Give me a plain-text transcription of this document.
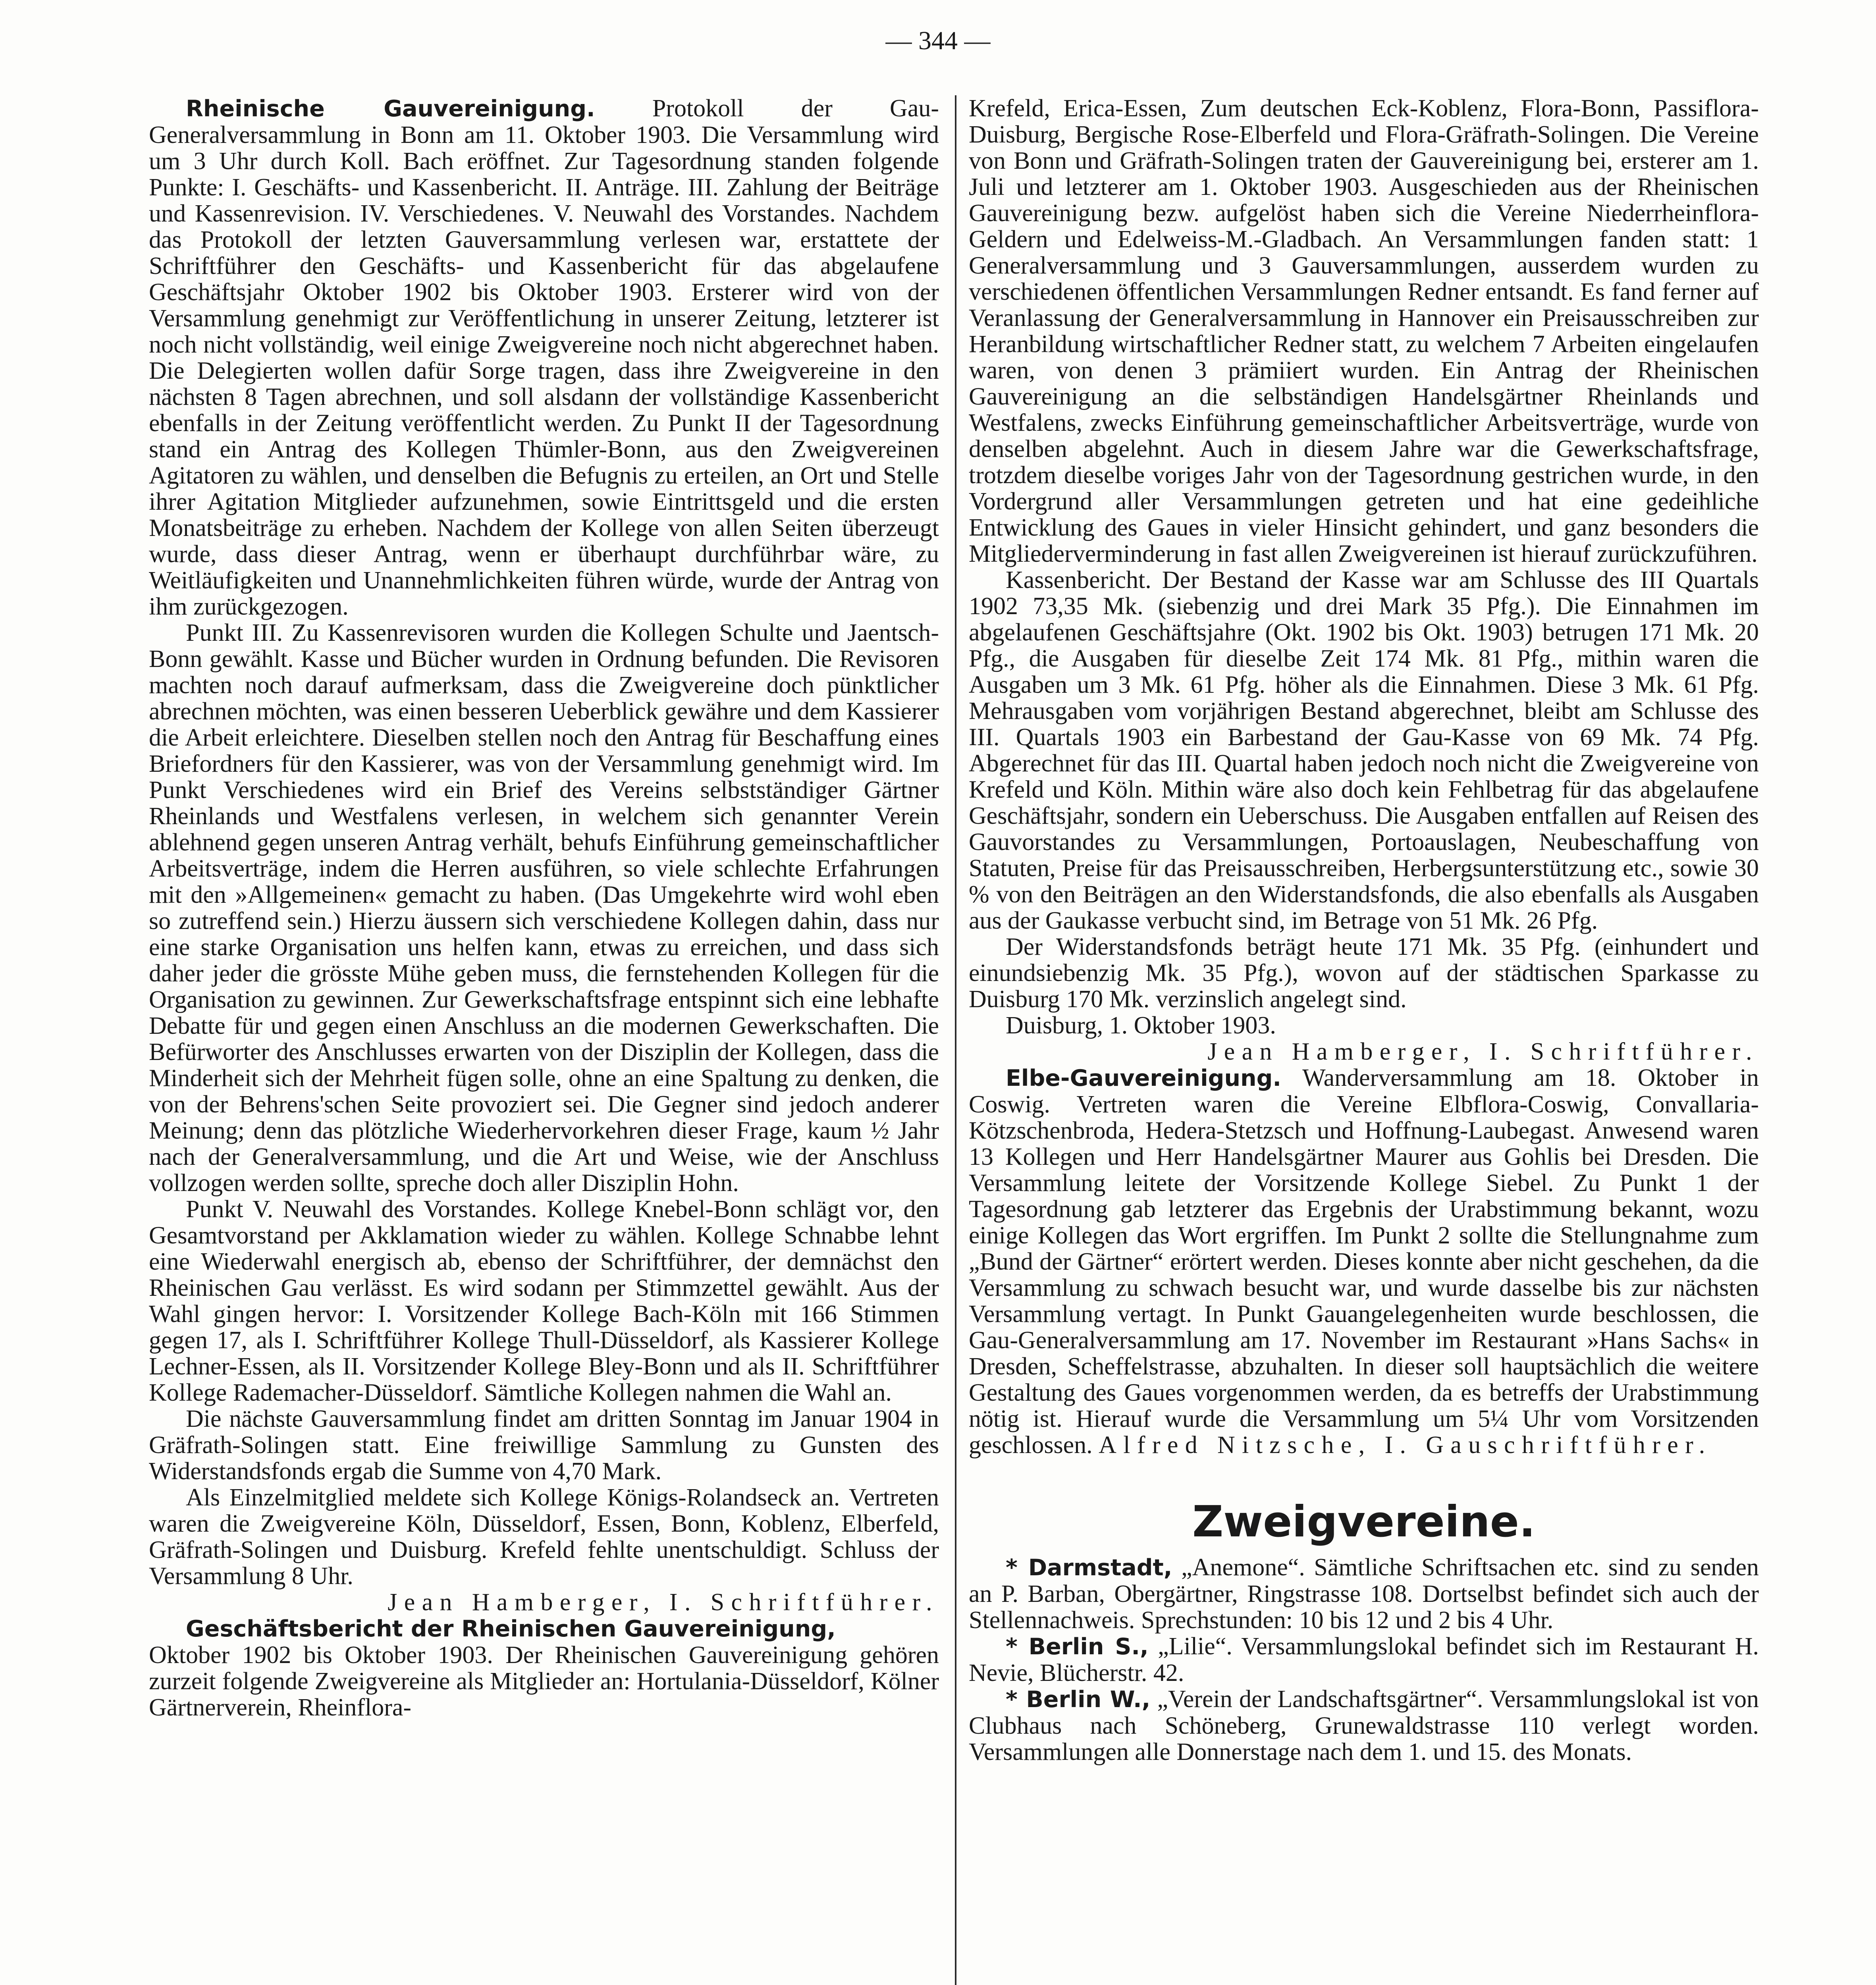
— 344 —

Rheinische Gauvereinigung. Protokoll der Gau-Generalversammlung in Bonn am 11. Oktober 1903. Die Versammlung wird um 3 Uhr durch Koll. Bach eröffnet. Zur Tagesordnung standen folgende Punkte: I. Geschäfts- und Kassenbericht. II. Anträge. III. Zahlung der Beiträge und Kassenrevision. IV. Verschiedenes. V. Neuwahl des Vorstandes. Nachdem das Protokoll der letzten Gauversammlung verlesen war, erstattete der Schriftführer den Geschäfts- und Kassenbericht für das abgelaufene Geschäftsjahr Oktober 1902 bis Oktober 1903. Ersterer wird von der Versammlung genehmigt zur Veröffentlichung in unserer Zeitung, letzterer ist noch nicht vollständig, weil einige Zweigvereine noch nicht abgerechnet haben. Die Delegierten wollen dafür Sorge tragen, dass ihre Zweigvereine in den nächsten 8 Tagen abrechnen, und soll alsdann der vollständige Kassenbericht ebenfalls in der Zeitung veröffentlicht werden. Zu Punkt II der Tagesordnung stand ein Antrag des Kollegen Thümler-Bonn, aus den Zweigvereinen Agitatoren zu wählen, und denselben die Befugnis zu erteilen, an Ort und Stelle ihrer Agitation Mitglieder aufzunehmen, sowie Eintrittsgeld und die ersten Monatsbeiträge zu erheben. Nachdem der Kollege von allen Seiten überzeugt wurde, dass dieser Antrag, wenn er überhaupt durchführbar wäre, zu Weitläufigkeiten und Unannehmlichkeiten führen würde, wurde der Antrag von ihm zurückgezogen.

Punkt III. Zu Kassenrevisoren wurden die Kollegen Schulte und Jaentsch-Bonn gewählt. Kasse und Bücher wurden in Ordnung befunden. Die Revisoren machten noch darauf aufmerksam, dass die Zweigvereine doch pünktlicher abrechnen möchten, was einen besseren Ueberblick gewähre und dem Kassierer die Arbeit erleichtere. Dieselben stellen noch den Antrag für Beschaffung eines Briefordners für den Kassierer, was von der Versammlung genehmigt wird. Im Punkt Verschiedenes wird ein Brief des Vereins selbstständiger Gärtner Rheinlands und Westfalens verlesen, in welchem sich genannter Verein ablehnend gegen unseren Antrag verhält, behufs Einführung gemeinschaftlicher Arbeitsverträge, indem die Herren ausführen, so viele schlechte Erfahrungen mit den »Allgemeinen« gemacht zu haben. (Das Umgekehrte wird wohl eben so zutreffend sein.) Hierzu äussern sich verschiedene Kollegen dahin, dass nur eine starke Organisation uns helfen kann, etwas zu erreichen, und dass sich daher jeder die grösste Mühe geben muss, die fernstehenden Kollegen für die Organisation zu gewinnen. Zur Gewerkschaftsfrage entspinnt sich eine lebhafte Debatte für und gegen einen Anschluss an die modernen Gewerkschaften. Die Befürworter des Anschlusses erwarten von der Disziplin der Kollegen, dass die Minderheit sich der Mehrheit fügen solle, ohne an eine Spaltung zu denken, die von der Behrens'schen Seite provoziert sei. Die Gegner sind jedoch anderer Meinung; denn das plötzliche Wiederhervorkehren dieser Frage, kaum ½ Jahr nach der Generalversammlung, und die Art und Weise, wie der Anschluss vollzogen werden sollte, spreche doch aller Disziplin Hohn.

Punkt V. Neuwahl des Vorstandes. Kollege Knebel-Bonn schlägt vor, den Gesamtvorstand per Akklamation wieder zu wählen. Kollege Schnabbe lehnt eine Wiederwahl energisch ab, ebenso der Schriftführer, der demnächst den Rheinischen Gau verlässt. Es wird sodann per Stimmzettel gewählt. Aus der Wahl gingen hervor: I. Vorsitzender Kollege Bach-Köln mit 166 Stimmen gegen 17, als I. Schriftführer Kollege Thull-Düsseldorf, als Kassierer Kollege Lechner-Essen, als II. Vorsitzender Kollege Bley-Bonn und als II. Schriftführer Kollege Rademacher-Düsseldorf. Sämtliche Kollegen nahmen die Wahl an.

Die nächste Gauversammlung findet am dritten Sonntag im Januar 1904 in Gräfrath-Solingen statt. Eine freiwillige Sammlung zu Gunsten des Widerstandsfonds ergab die Summe von 4,70 Mark.

Als Einzelmitglied meldete sich Kollege Königs-Rolandseck an. Vertreten waren die Zweigvereine Köln, Düsseldorf, Essen, Bonn, Koblenz, Elberfeld, Gräfrath-Solingen und Duisburg. Krefeld fehlte unentschuldigt. Schluss der Versammlung 8 Uhr.

Jean Hamberger, I. Schriftführer.

Geschäftsbericht der Rheinischen Gauvereinigung,

Oktober 1902 bis Oktober 1903. Der Rheinischen Gauvereinigung gehören zurzeit folgende Zweigvereine als Mitglieder an: Hortulania-Düsseldorf, Kölner Gärtnerverein, Rheinflora-

Krefeld, Erica-Essen, Zum deutschen Eck-Koblenz, Flora-Bonn, Passiflora-Duisburg, Bergische Rose-Elberfeld und Flora-Gräfrath-Solingen. Die Vereine von Bonn und Gräfrath-Solingen traten der Gauvereinigung bei, ersterer am 1. Juli und letzterer am 1. Oktober 1903. Ausgeschieden aus der Rheinischen Gauvereinigung bezw. aufgelöst haben sich die Vereine Niederrheinflora-Geldern und Edelweiss-M.-Gladbach. An Versammlungen fanden statt: 1 Generalversammlung und 3 Gauversammlungen, ausserdem wurden zu verschiedenen öffentlichen Versammlungen Redner entsandt. Es fand ferner auf Veranlassung der Generalversammlung in Hannover ein Preisausschreiben zur Heranbildung wirtschaftlicher Redner statt, zu welchem 7 Arbeiten eingelaufen waren, von denen 3 prämiiert wurden. Ein Antrag der Rheinischen Gauvereinigung an die selbständigen Handelsgärtner Rheinlands und Westfalens, zwecks Einführung gemeinschaftlicher Arbeitsverträge, wurde von denselben abgelehnt. Auch in diesem Jahre war die Gewerkschaftsfrage, trotzdem dieselbe voriges Jahr von der Tagesordnung gestrichen wurde, in den Vordergrund aller Versammlungen getreten und hat eine gedeihliche Entwicklung des Gaues in vieler Hinsicht gehindert, und ganz besonders die Mitgliederverminderung in fast allen Zweigvereinen ist hierauf zurückzuführen.

Kassenbericht. Der Bestand der Kasse war am Schlusse des III Quartals 1902 73,35 Mk. (siebenzig und drei Mark 35 Pfg.). Die Einnahmen im abgelaufenen Geschäftsjahre (Okt. 1902 bis Okt. 1903) betrugen 171 Mk. 20 Pfg., die Ausgaben für dieselbe Zeit 174 Mk. 81 Pfg., mithin waren die Ausgaben um 3 Mk. 61 Pfg. höher als die Einnahmen. Diese 3 Mk. 61 Pfg. Mehrausgaben vom vorjährigen Bestand abgerechnet, bleibt am Schlusse des III. Quartals 1903 ein Barbestand der Gau-Kasse von 69 Mk. 74 Pfg. Abgerechnet für das III. Quartal haben jedoch noch nicht die Zweigvereine von Krefeld und Köln. Mithin wäre also doch kein Fehlbetrag für das abgelaufene Geschäftsjahr, sondern ein Ueberschuss. Die Ausgaben entfallen auf Reisen des Gauvorstandes zu Versammlungen, Portoauslagen, Neubeschaffung von Statuten, Preise für das Preisausschreiben, Herbergsunterstützung etc., sowie 30 % von den Beiträgen an den Widerstandsfonds, die also ebenfalls als Ausgaben aus der Gaukasse verbucht sind, im Betrage von 51 Mk. 26 Pfg.

Der Widerstandsfonds beträgt heute 171 Mk. 35 Pfg. (einhundert und einundsiebenzig Mk. 35 Pfg.), wovon auf der städtischen Sparkasse zu Duisburg 170 Mk. verzinslich angelegt sind.

Duisburg, 1. Oktober 1903.

Jean Hamberger, I. Schriftführer.

Elbe-Gauvereinigung. Wanderversammlung am 18. Oktober in Coswig. Vertreten waren die Vereine Elbflora-Coswig, Convallaria-Kötzschenbroda, Hedera-Stetzsch und Hoffnung-Laubegast. Anwesend waren 13 Kollegen und Herr Handelsgärtner Maurer aus Gohlis bei Dresden. Die Versammlung leitete der Vorsitzende Kollege Siebel. Zu Punkt 1 der Tagesordnung gab letzterer das Ergebnis der Urabstimmung bekannt, wozu einige Kollegen das Wort ergriffen. Im Punkt 2 sollte die Stellungnahme zum „Bund der Gärtner“ erörtert werden. Dieses konnte aber nicht geschehen, da die Versammlung zu schwach besucht war, und wurde dasselbe bis zur nächsten Versammlung vertagt. In Punkt Gauangelegenheiten wurde beschlossen, die Gau-Generalversammlung am 17. November im Restaurant »Hans Sachs« in Dresden, Scheffelstrasse, abzuhalten. In dieser soll hauptsächlich die weitere Gestaltung des Gaues vorgenommen werden, da es betreffs der Urabstimmung nötig ist. Hierauf wurde die Versammlung um 5¼ Uhr vom Vorsitzenden geschlossen. Alfred Nitzsche, I. Gauschriftführer.

Zweigvereine.

* Darmstadt, „Anemone“. Sämtliche Schriftsachen etc. sind zu senden an P. Barban, Obergärtner, Ringstrasse 108. Dortselbst befindet sich auch der Stellennachweis. Sprechstunden: 10 bis 12 und 2 bis 4 Uhr.

* Berlin S., „Lilie“. Versammlungslokal befindet sich im Restaurant H. Nevie, Blücherstr. 42.

* Berlin W., „Verein der Landschaftsgärtner“. Versammlungslokal ist von Clubhaus nach Schöneberg, Grunewaldstrasse 110 verlegt worden. Versammlungen alle Donnerstage nach dem 1. und 15. des Monats.
